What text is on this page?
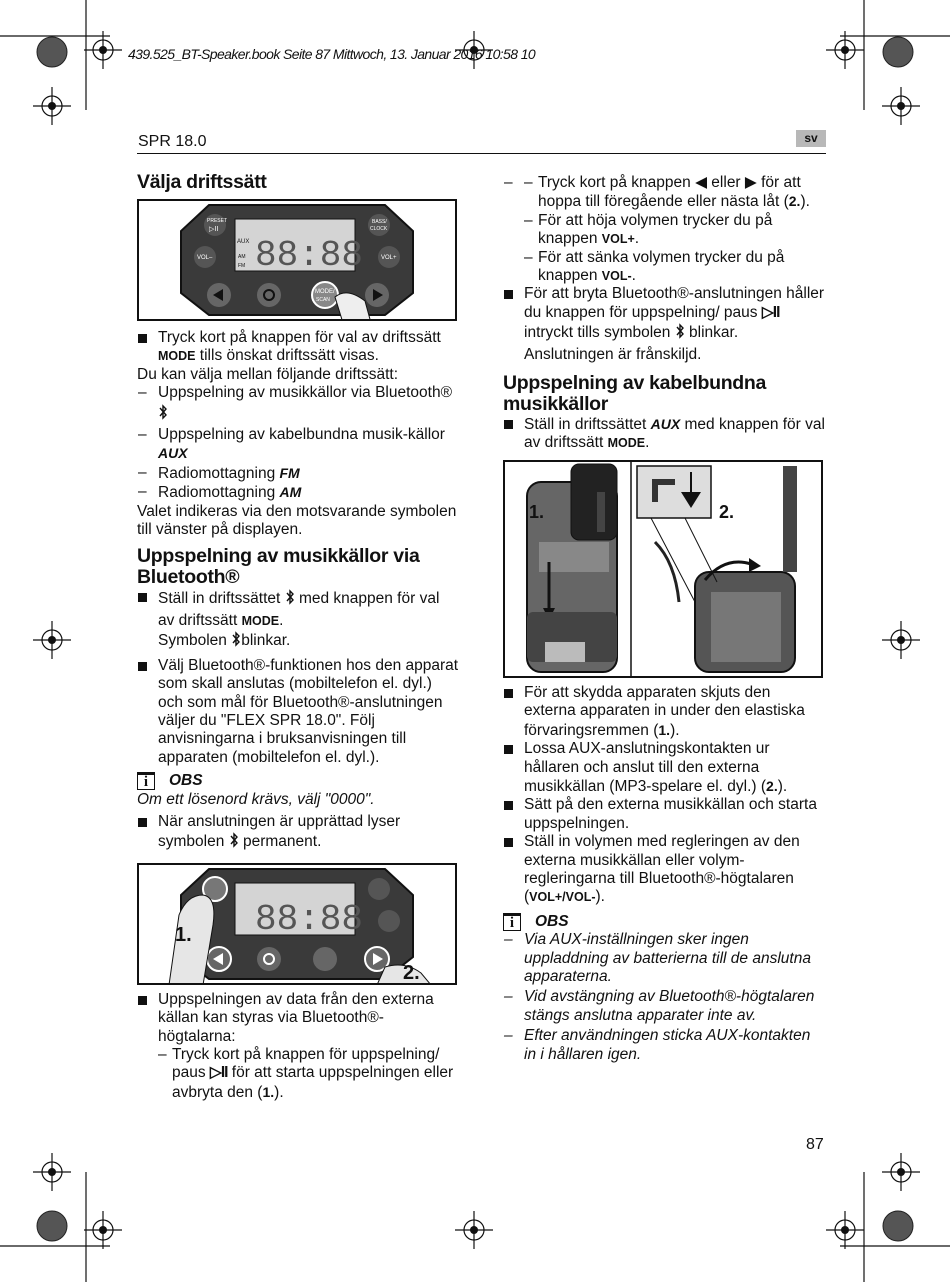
439.525_BT-Speaker.book Seite 87 Mittwoch, 13. Januar 2016 10:58 10
SPR 18.0	sv
Välja driftssätt
88:88
AUX
AM
FM
PRESET
▷II
BASS/
CLOCK
VOL–	VOL+
MODE/
SCAN

Tryck kort på knappen för val av driftssätt MODE tills önskat driftssätt visas.

Du kan välja mellan följande driftssätt:

– Uppspelning av musikkällor via Bluetooth®

– Uppspelning av kabelbundna musik-källor AUX

– Radiomottagning FM

– Radiomottagning AM

Valet indikeras via den motsvarande symbolen till vänster på displayen.

Uppspelning av musikkällor via Bluetooth®

Ställ in driftssättet  med knappen för val av driftssätt MODE.
Symbolen blinkar.

Välj Bluetooth®-funktionen hos den apparat som skall anslutas (mobiltelefon el. dyl.) och som mål för Bluetooth®-anslutningen väljer du "FLEX SPR 18.0". Följ anvisningarna i bruksanvisningen till apparaten (mobiltelefon el. dyl.).

i	OBS

Om ett lösenord krävs, välj "0000".

När anslutningen är upprättad lyser symbolen  permanent.

88:88
1.
2.

Uppspelningen av data från den externa källan kan styras via Bluetooth®-högtalarna:

– Tryck kort på knappen för uppspelning/ paus ▷II för att starta uppspelningen eller avbryta den (1.).

– – Tryck kort på knappen ◀ eller ▶ för att hoppa till föregående eller nästa låt (2.).

– För att höja volymen trycker du på knappen VOL+.

– För att sänka volymen trycker du på knappen VOL-.

För att bryta Bluetooth®-anslutningen håller du knappen för uppspelning/ paus ▷II intryckt tills symbolen  blinkar. Anslutningen är frånskiljd.

Uppspelning av kabelbundna musikkällor

Ställ in driftssättet AUX med knappen för val av driftssätt MODE.

1.	2.

För att skydda apparaten skjuts den externa apparaten in under den elastiska förvaringsremmen (1.).

Lossa AUX-anslutningskontakten ur hållaren och anslut till den externa musikkällan (MP3-spelare el. dyl.) (2.).

Sätt på den externa musikkällan och starta uppspelningen.

Ställ in volymen med regleringen av den externa musikkällan eller volym-regleringarna till Bluetooth®-högtalaren (VOL+/VOL-).

i	OBS

– Via AUX-inställningen sker ingen uppladdning av batterierna till de anslutna apparaterna.

– Vid avstängning av Bluetooth®-högtalaren stängs anslutna apparater inte av.

– Efter användningen sticka AUX-kontakten in i hållaren igen.

87
